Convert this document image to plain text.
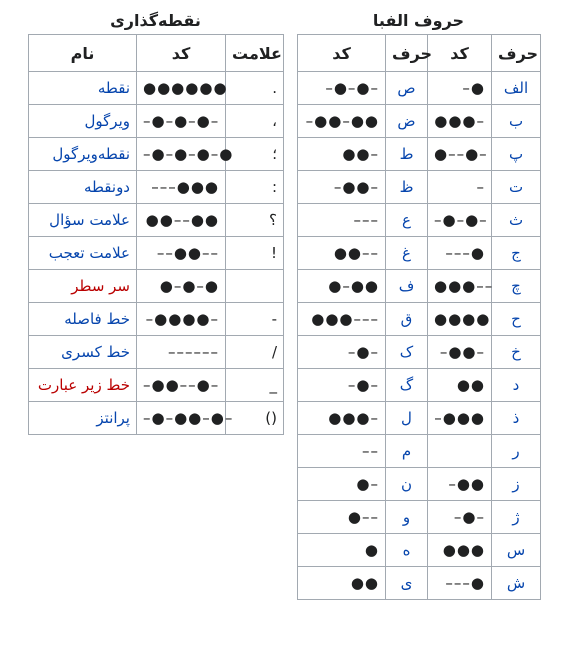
نقطه‌گذاری
نام	کد	علامت
نقطه	●●●●●●	.
ویرگول	–●–●–●–	،
نقطه‌ویرگول	–●–●–●–●	؛
دونقطه	–––●●●	:
علامت سؤال	●●––●●	؟
علامت تعجب	––●●––	!
سر سطر	●–●–●	
خط فاصله	–●●●●–	-
خط کسری	––––––	/
خط زیر عبارت	–●●––●–	_
پرانتز	–●–●●–●–	()
حروف الفبا
کد	حرف	کد	حرف
–●–●–	ص	–●	الف
–●●–●●	ض	●●●–	ب
●●–	ط	●––●–	پ
–●●–	ظ	–	ت
–––	ع	–●–●–	ث
●●––	غ	–––●	ج
●–●●	ف	●●●––	چ
●●●–––	ق	●●●●	ح
–●–	ک	–●●–	خ
–●–	گ	●●	د
●●●–	ل	–●●●	ذ
––	م		ر
●–	ن	–●●	ز
●––	و	–●–	ژ
●	ه	●●●	س
●●	ی	–––●	ش
